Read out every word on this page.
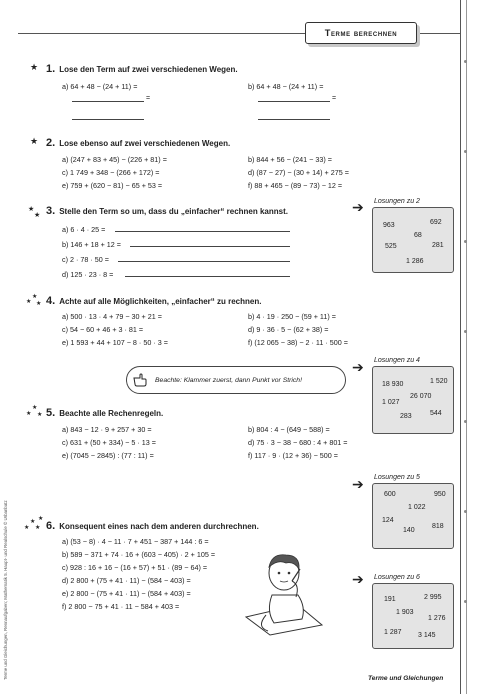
Terme berechnen
Terme und Gleichungen, Rennaufgaben; Mathematik 5. Haupt- und Realschule © Urbanbatz
★ 1. Lose den Term auf zwei verschiedenen Wegen.
a) 64 + 48 − (24 + 11) =	b) 64 + 48 − (24 + 11) =
=	=
★ 2. Lose ebenso auf zwei verschiedenen Wegen.
a) (247 + 83 + 45) − (226 + 81) =	b) 844 + 56 − (241 − 33) =
c) 1 749 + 348 − (266 + 172) =	d) (87 − 27) − (30 + 14) + 275 =
e) 759 + (620 − 81) − 65 + 53 =	f) 88 + 465 − (89 − 73) − 12 =
★
★ 3. Stelle den Term so um, dass du „einfacher“ rechnen kannst.
a) 6 · 4 · 25 =
b) 146 + 18 + 12 =
c) 2 · 78 · 50 =
d) 125 · 23 · 8 =
★
★
★ 4. Achte auf alle Möglichkeiten, „einfacher“ zu rechnen.
a) 500 · 13 · 4 + 79 − 30 + 21 =	b) 4 · 19 · 250 − (59 + 11) =
c) 54 − 60 + 46 + 3 · 81 =	d) 9 · 36 · 5 − (62 + 38) =
e) 1 593 + 44 + 107 − 8 · 50 · 3 =	f) (12 065 − 38) − 2 · 11 · 500 =
Beachte: Klammer zuerst, dann Punkt vor Strich!
★
★
★ 5. Beachte alle Rechenregeln.
a) 843 − 12 · 9 + 257 + 30 =	b) 804 : 4 − (649 − 588) =
c) 631 + (50 + 334) − 5 · 13 =	d) 75 · 3 − 38 − 680 : 4 + 801 =
e) (7045 − 2845) : (77 : 11) =	f) 117 · 9 · (12 + 36) − 500 =
★
★
★
★
6. Konsequent eines nach dem anderen durchrechnen.
a) (53 − 8) · 4 − 11 · 7 + 451 − 387 + 144 : 6 =
b) 589 − 371 + 74 · 16 + (603 − 405) · 2 + 105 =
c) 928 : 16 + 16 − (16 + 57) + 51 · (89 − 64) =
d) 2 800 + (75 + 41 · 11) − (584 − 403) =
e) 2 800 − (75 + 41 · 11) − (584 + 403) =
f) 2 800 − 75 + 41 · 11 − 584 + 403 =
➔ Losungen zu 2
963	692
68
525	281
1 286
➔ Losungen zu 4
18 930	1 520
26 070
1 027
283	544
➔ Losungen zu 5
600	950
1 022
124
140
818
➔ Losungen zu 6
191	2 995
1 903
1 276
1 287 3 145
Terme und Gleichungen
